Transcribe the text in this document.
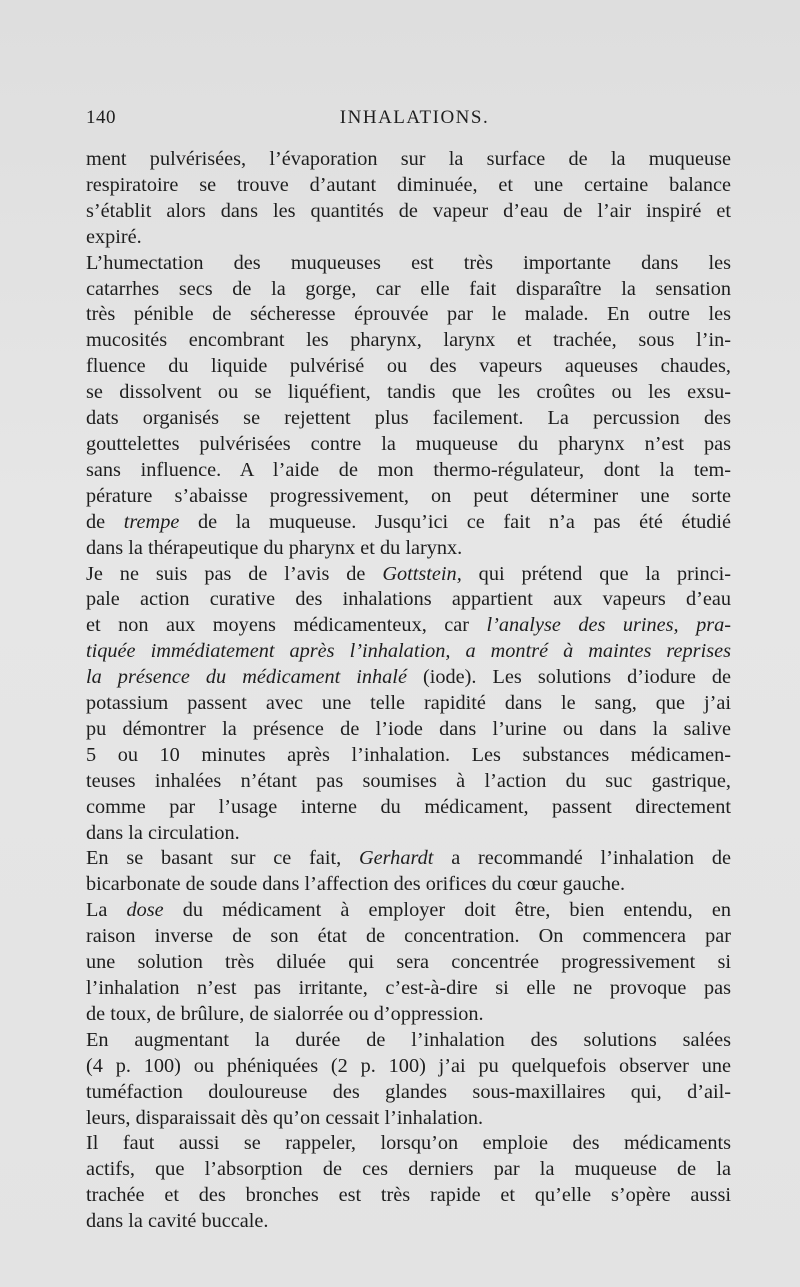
140	INHALATIONS.
ment pulvérisées, l’évaporation sur la surface de la muqueuse
respiratoire se trouve d’autant diminuée, et une certaine balance
s’établit alors dans les quantités de vapeur d’eau de l’air inspiré et
expiré.
L’humectation des muqueuses est très importante dans les
catarrhes secs de la gorge, car elle fait disparaître la sensation
très pénible de sécheresse éprouvée par le malade. En outre les
mucosités encombrant les pharynx, larynx et trachée, sous l’in-
fluence du liquide pulvérisé ou des vapeurs aqueuses chaudes,
se dissolvent ou se liquéfient, tandis que les croûtes ou les exsu-
dats organisés se rejettent plus facilement. La percussion des
gouttelettes pulvérisées contre la muqueuse du pharynx n’est pas
sans influence. A l’aide de mon thermo-régulateur, dont la tem-
pérature s’abaisse progressivement, on peut déterminer une sorte
de trempe de la muqueuse. Jusqu’ici ce fait n’a pas été étudié
dans la thérapeutique du pharynx et du larynx.
Je ne suis pas de l’avis de Gottstein, qui prétend que la princi-
pale action curative des inhalations appartient aux vapeurs d’eau
et non aux moyens médicamenteux, car l’analyse des urines, pra-
tiquée immédiatement après l’inhalation, a montré à maintes reprises
la présence du médicament inhalé (iode). Les solutions d’iodure de
potassium passent avec une telle rapidité dans le sang, que j’ai
pu démontrer la présence de l’iode dans l’urine ou dans la salive
5 ou 10 minutes après l’inhalation. Les substances médicamen-
teuses inhalées n’étant pas soumises à l’action du suc gastrique,
comme par l’usage interne du médicament, passent directement
dans la circulation.
En se basant sur ce fait, Gerhardt a recommandé l’inhalation de
bicarbonate de soude dans l’affection des orifices du cœur gauche.
La dose du médicament à employer doit être, bien entendu, en
raison inverse de son état de concentration. On commencera par
une solution très diluée qui sera concentrée progressivement si
l’inhalation n’est pas irritante, c’est-à-dire si elle ne provoque pas
de toux, de brûlure, de sialorrée ou d’oppression.
En augmentant la durée de l’inhalation des solutions salées
(4 p. 100) ou phéniquées (2 p. 100) j’ai pu quelquefois observer une
tuméfaction douloureuse des glandes sous-maxillaires qui, d’ail-
leurs, disparaissait dès qu’on cessait l’inhalation.
Il faut aussi se rappeler, lorsqu’on emploie des médicaments
actifs, que l’absorption de ces derniers par la muqueuse de la
trachée et des bronches est très rapide et qu’elle s’opère aussi
dans la cavité buccale.
